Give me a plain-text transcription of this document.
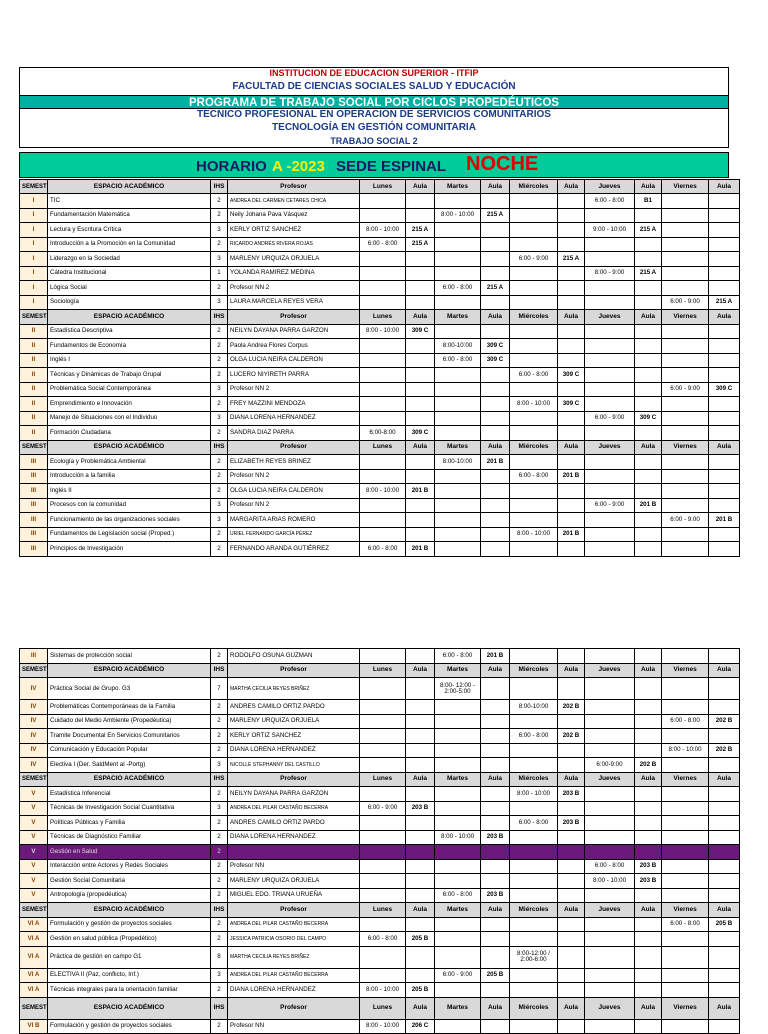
INSTITUCION DE EDUCACION SUPERIOR - ITFIP
FACULTAD DE CIENCIAS SOCIALES SALUD Y EDUCACIÓN
PROGRAMA DE TRABAJO SOCIAL POR CICLOS PROPEDÉUTICOS
TÉCNICO PROFESIONAL EN OPERACIÓN DE SERVICIOS COMUNITARIOS
TECNOLOGÍA EN GESTIÓN COMUNITARIA
TRABAJO SOCIAL 2
HORARIO A -2023 SEDE ESPINAL NOCHE
SEMEST	ESPACIO ACADÉMICO	IHS	Profesor	Lunes	Aula	Martes	Aula	Miércoles	Aula	Jueves	Aula	Viernes	Aula
I	TIC	2	ANDREA DEL CARMEN CETARES CHICA							6:00 - 8:00	B1		
I	Fundamentación Matemática	2	Neily Johana Pava Vásquez			8:00 - 10:00	215 A						
I	Lectura y Escritura Crítica	3	KERLY ORTIZ SANCHEZ	8:00 - 10:00	215 A					9:00 - 10:00	215 A		
I	Introducción a la Promoción en la Comunidad	2	RICARDO ANDRÉS RIVERA ROJAS	6:00 - 8:00	215 A								
I	Liderazgo en la Sociedad	3	MARLENY URQUIZA ORJUELA					6:00 - 9:00	215 A				
I	Cátedra Institucional	1	YOLANDA RAMIREZ MEDINA							8:00 - 9:00	215 A		
I	Lógica Social	2	Profesor NN 2			6:00 - 8:00	215 A						
I	Sociología	3	LAURA MARCELA REYES VERA									6:00 - 9:00	215 A
SEMEST	ESPACIO ACADÉMICO	IHS	Profesor	Lunes	Aula	Martes	Aula	Miércoles	Aula	Jueves	Aula	Viernes	Aula
II	Estadística Descriptiva	2	NEILYN DAYANA PARRA GARZON	8:00 - 10:00	309 C								
II	Fundamentos de Economía	2	Paola Andrea Flores Corpus			8:00-10:00	309 C						
II	Inglés I	2	OLGA LUCIA NEIRA CALDERON			6:00 - 8:00	309 C						
II	Técnicas y Dinámicas de Trabajo Grupal	2	LUCERO NIYIRETH PARRA					6:00 - 8:00	309 C				
II	Problemática Social Contemporánea	3	Profesor NN 2									6:00 - 9:00	309 C
II	Emprendimiento e Innovación	2	FREY MAZZINI MENDOZA					8:00 - 10:00	309 C				
II	Manejo de Situaciones con el Individuo	3	DIANA LORENA HERNANDEZ							6:00 - 9:00	309 C		
II	Formación Ciudadana	2	SANDRA DIAZ PARRA	6:00-8:00	309 C								
SEMEST	ESPACIO ACADÉMICO	IHS	Profesor	Lunes	Aula	Martes	Aula	Miércoles	Aula	Jueves	Aula	Viernes	Aula
III	Ecología y Problemática Ambiental	2	ELIZABETH REYES BRINEZ			8:00-10:00	201 B						
III	Introducción a la familia	2	Profesor NN 2					6:00 - 8:00	201 B				
III	Inglés II	2	OLGA LUCIA NEIRA CALDERON	8:00 - 10:00	201 B								
III	Procesos con la comunidad	3	Profesor NN 2							6:00 - 9:00	201 B		
III	Funcionamiento de las organizaciones sociales	3	MARGARITA ARIAS ROMERO									6:00 - 9:00	201 B
III	Fundamentos de Legislación social (Proped.)	2	URIEL FERNANDO GARCÍA PÉREZ					8:00 - 10:00	201 B				
III	Principios de Investigación	2	FERNANDO ARANDA GUTIÉRREZ	6:00 - 8:00	201 B								
III	Sistemas de protección social	2	RODOLFO OSUNA GUZMAN			6:00 - 8:00	201 B						
SEMEST	ESPACIO ACADÉMICO	IHS	Profesor	Lunes	Aula	Martes	Aula	Miércoles	Aula	Jueves	Aula	Viernes	Aula
IV	Práctica Social de Grupo. G3	7	MARTHA CECILIA REYES BRIÑEZ			8:00- 12:00 - 2:00-5:00							
IV	Problemáticas Contemporáneas de la Familia	2	ANDRES CAMILO ORTIZ PARDO					8:00-10:00	202 B				
IV	Cuidado del Medio Ambiente (Propedéutica)	2	MARLENY URQUIZA ORJUELA									6:00 - 8:00	202 B
IV	Tramite Documental En Servicios Comunitarios	2	KERLY ORTIZ SANCHEZ					6:00 - 8:00	202 B				
IV	Comunicación y Educación Popular	2	DIANA LORENA HERNANDEZ									8:00 - 10:00	202 B
IV	Electiva I (Der. SaldMent al -Portg)	3	NICOLLE STEPHANNY DEL CASTILLO							6:00-9:00	202 B		
SEMEST	ESPACIO ACADÉMICO	IHS	Profesor	Lunes	Aula	Martes	Aula	Miércoles	Aula	Jueves	Aula	Viernes	Aula
V	Estadística Inferencial	2	NEILYN DAYANA PARRA GARZON					8:00 - 10:00	203 B				
V	Técnicas de Investigación Social Cuantitativa	3	ANDREA DEL PILAR CASTAÑO BECERRA	6:00 - 9:00	203 B								
V	Políticas Públicas y Familia	2	ANDRES CAMILO ORTIZ PARDO					6:00 - 8:00	203 B				
V	Técnicas de Diagnóstico Familiar	2	DIANA LORENA HERNANDEZ			8:00 - 10:00	203 B						
V	Gestión en Salud	2											
V	Interacción entre Actores y Redes Sociales	2	Profesor NN							6:00 - 8:00	203 B		
V	Gestión Social Comunitaria	2	MARLENY URQUIZA ORJUELA							8:00 - 10:00	203 B		
V	Antropología (propedéutica)	2	MIGUEL EDO. TRIANA URUEÑA			6:00 - 8:00	203 B						
SEMEST	ESPACIO ACADÉMICO	IHS	Profesor	Lunes	Aula	Martes	Aula	Miércoles	Aula	Jueves	Aula	Viernes	Aula
VI A	Formulación y gestión de proyectos sociales	2	ANDREA DEL PILAR CASTAÑO BECERRA									6:00 - 8:00	205 B
VI A	Gestión en salud pública (Propedético)	2	JESSICA PATRICIA OSORIO DEL CAMPO	6:00 - 8:00	205 B								
VI A	Práctica de gestión en campo G1	8	MARTHA CECILIA REYES BRIÑEZ					8:00-12:00 / 2:00-6:00					
VI A	ELECTIVA II (Paz, conflicto, Inf.)	3	ANDREA DEL PILAR CASTAÑO BECERRA			6:00 - 9:00	205 B						
VI A	Técnicas integrales para la orientación familiar	2	DIANA LORENA HERNANDEZ	8:00 - 10:00	205 B								
SEMEST	ESPACIO ACADÉMICO	IHS	Profesor	Lunes	Aula	Martes	Aula	Miércoles	Aula	Jueves	Aula	Viernes	Aula
VI B	Formulación y gestión de proyectos sociales	2	Profesor NN	8:00 - 10:00	206 C								
